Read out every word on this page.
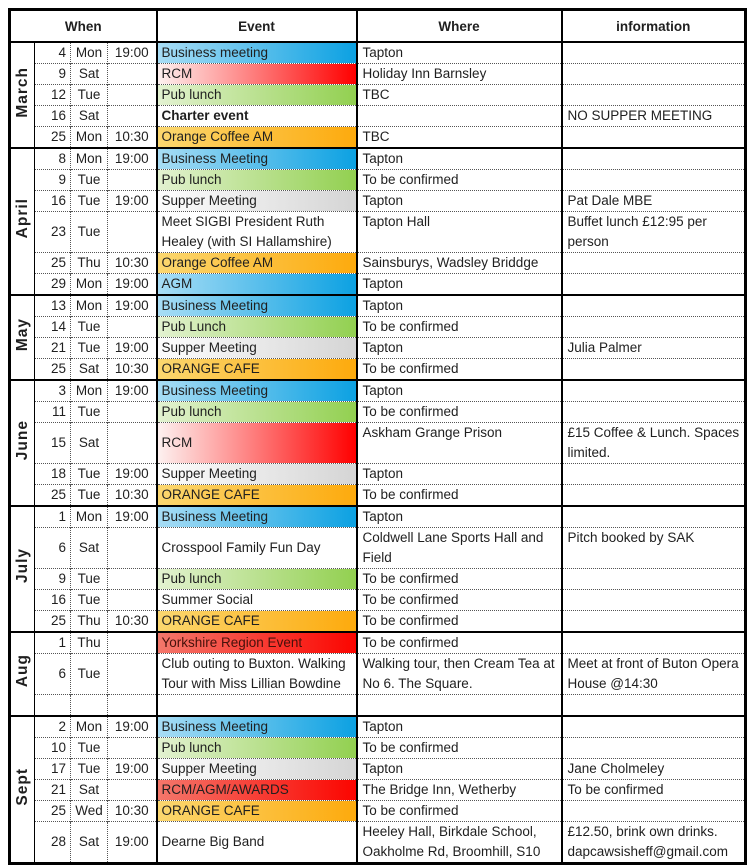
When				Event	Where	information
March	4	Mon	19:00	Business meeting	Tapton	
	9	Sat		RCM	Holiday Inn Barnsley	
	12	Tue		Pub lunch	TBC	
	16	Sat		Charter event		NO SUPPER MEETING
	25	Mon	10:30	Orange Coffee AM	TBC	
April	8	Mon	19:00	Business Meeting	Tapton	
	9	Tue		Pub lunch	To be confirmed	
	16	Tue	19:00	Supper Meeting	Tapton	Pat Dale MBE
	23	Tue		Meet SIGBI President Ruth Healey (with SI Hallamshire)	Tapton Hall	Buffet lunch £12:95 per person
	25	Thu	10:30	Orange Coffee AM	Sainsburys, Wadsley Briddge	
	29	Mon	19:00	AGM	Tapton	
May	13	Mon	19:00	Business Meeting	Tapton	
	14	Tue		Pub Lunch	To be confirmed	
	21	Tue	19:00	Supper Meeting	Tapton	Julia Palmer
	25	Sat	10:30	ORANGE CAFE	To be confirmed	
June	3	Mon	19:00	Business Meeting	Tapton	
	11	Tue		Pub lunch	To be confirmed	
	15	Sat		RCM	Askham Grange Prison	£15 Coffee & Lunch. Spaces limited.
	18	Tue	19:00	Supper Meeting	Tapton	
	25	Tue	10:30	ORANGE CAFE	To be confirmed	
July	1	Mon	19:00	Business Meeting	Tapton	
	6	Sat		Crosspool Family Fun Day	Coldwell Lane Sports Hall and Field	Pitch booked by SAK
	9	Tue		Pub lunch	To be confirmed	
	16	Tue		Summer Social	To be confirmed	
	25	Thu	10:30	ORANGE CAFE	To be confirmed	
Aug	1	Thu		Yorkshire Region Event	To be confirmed	
	6	Tue		Club outing to Buxton. Walking Tour with Miss Lillian Bowdine	Walking tour, then Cream Tea at No 6. The Square.	Meet at front of Buton Opera House @14:30

Sept	2	Mon	19:00	Business Meeting	Tapton	
	10	Tue		Pub lunch	To be confirmed	
	17	Tue	19:00	Supper Meeting	Tapton	Jane Cholmeley
	21	Sat		RCM/AGM/AWARDS	The Bridge Inn, Wetherby	To be confirmed
	25	Wed	10:30	ORANGE CAFE	To be confirmed	
	28	Sat	19:00	Dearne Big Band	Heeley Hall, Birkdale School, Oakholme Rd, Broomhill, S10	£12.50, brink own drinks. dapcawsisheff@gmail.com
